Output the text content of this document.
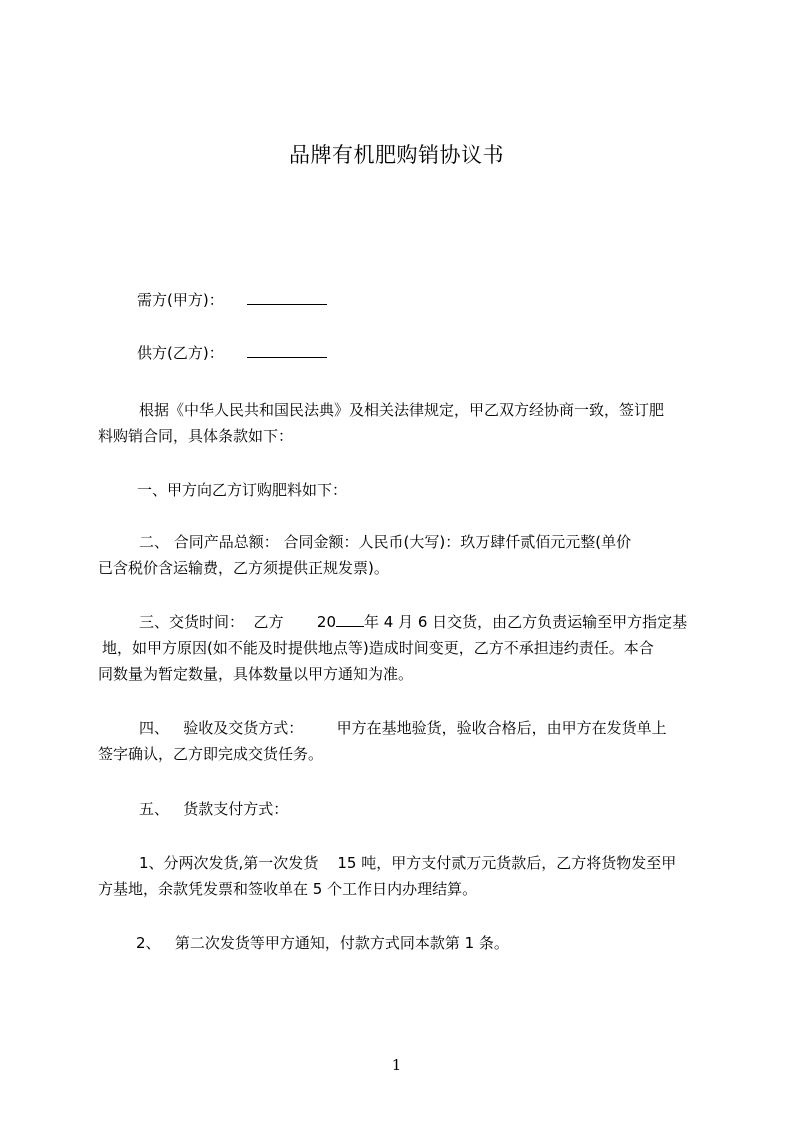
品牌有机肥购销协议书
需方(甲方)：
供方(乙方)：
根据《中华人民共和国民法典》及相关法律规定，甲乙双方经协商一致，签订肥
料购销合同，具体条款如下：
一、甲方向乙方订购肥料如下：
二、 合同产品总额： 合同金额：人民币(大写)：玖万肆仟贰佰元元整(单价
已含税价含运输费，乙方须提供正规发票)。
三、交货时间：  乙方       20 年 4 月 6 日交货，由乙方负责运输至甲方指定基
地，如甲方原因(如不能及时提供地点等)造成时间变更，乙方不承担违约责任。本合
同数量为暂定数量，具体数量以甲方通知为准。
四、   验收及交货方式：       甲方在基地验货，验收合格后，由甲方在发货单上
签字确认，乙方即完成交货任务。
五、   货款支付方式：
1、分两次发货,第一次发货    15 吨，甲方支付贰万元货款后，乙方将货物发至甲
方基地，余款凭发票和签收单在 5 个工作日内办理结算。
2、   第二次发货等甲方通知，付款方式同本款第 1 条。
1
